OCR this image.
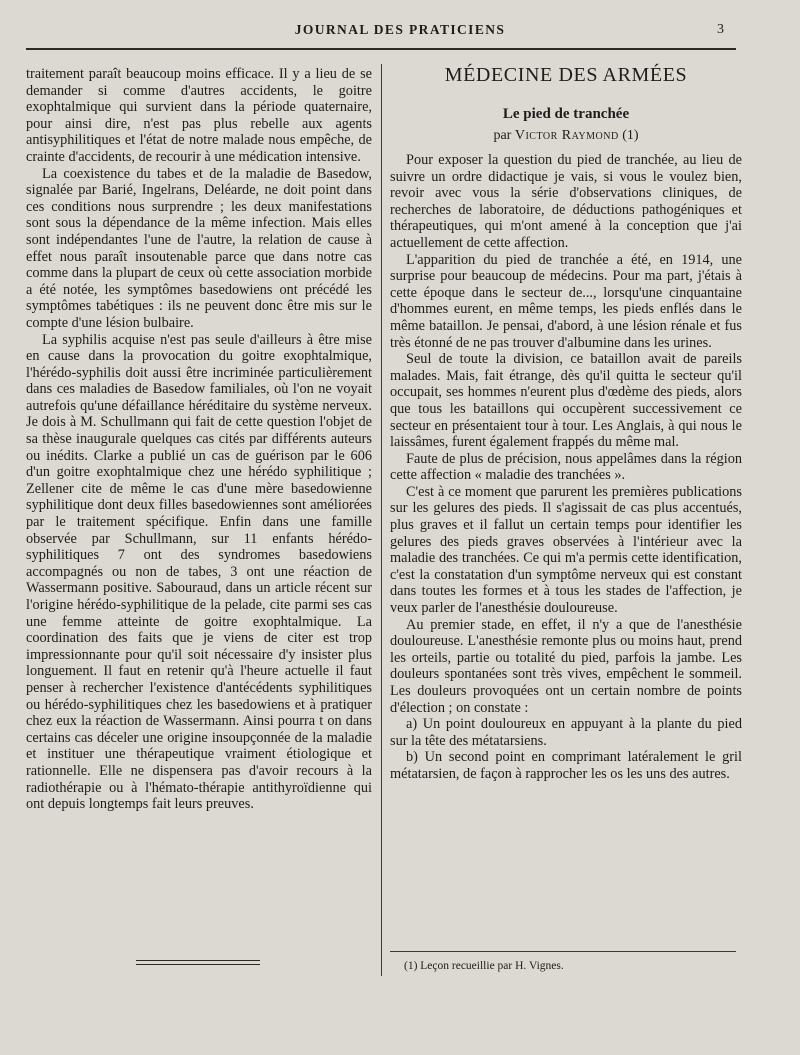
JOURNAL DES PRATICIENS	3

traitement paraît beaucoup moins efficace. Il y a lieu de se demander si comme d'autres accidents, le goitre exophtalmique qui survient dans la période quaternaire, pour ainsi dire, n'est pas plus rebelle aux agents antisyphilitiques et l'état de notre malade nous empêche, de crainte d'accidents, de recourir à une médication intensive.

La coexistence du tabes et de la maladie de Basedow, signalée par Barié, Ingelrans, Deléarde, ne doit point dans ces conditions nous surprendre ; les deux manifestations sont sous la dépendance de la même infection. Mais elles sont indépendantes l'une de l'autre, la relation de cause à effet nous paraît insoutenable parce que dans notre cas comme dans la plupart de ceux où cette association morbide a été notée, les symptômes basedowiens ont précédé les symptômes tabétiques : ils ne peuvent donc être mis sur le compte d'une lésion bulbaire.

La syphilis acquise n'est pas seule d'ailleurs à être mise en cause dans la provocation du goitre exophtalmique, l'hérédo-syphilis doit aussi être incriminée particulièrement dans ces maladies de Basedow familiales, où l'on ne voyait autrefois qu'une défaillance héréditaire du système nerveux. Je dois à M. Schullmann qui fait de cette question l'objet de sa thèse inaugurale quelques cas cités par différents auteurs ou inédits. Clarke a publié un cas de guérison par le 606 d'un goitre exophtalmique chez une hérédo syphilitique ; Zellener cite de même le cas d'une mère basedowienne syphilitique dont deux filles basedowiennes sont améliorées par le traitement spécifique. Enfin dans une famille observée par Schullmann, sur 11 enfants hérédo-syphilitiques 7 ont des syndromes basedowiens accompagnés ou non de tabes, 3 ont une réaction de Wassermann positive. Sabouraud, dans un article récent sur l'origine hérédo-syphilitique de la pelade, cite parmi ses cas une femme atteinte de goitre exophtalmique. La coordination des faits que je viens de citer est trop impressionnante pour qu'il soit nécessaire d'y insister plus longuement. Il faut en retenir qu'à l'heure actuelle il faut penser à rechercher l'existence d'antécédents syphilitiques ou hérédo-syphilitiques chez les basedowiens et à pratiquer chez eux la réaction de Wassermann. Ainsi pourra t on dans certains cas déceler une origine insoupçonnée de la maladie et instituer une thérapeutique vraiment étiologique et rationnelle. Elle ne dispensera pas d'avoir recours à la radiothérapie ou à l'hémato-thérapie antithyroïdienne qui ont depuis longtemps fait leurs preuves.

MÉDECINE DES ARMÉES
Le pied de tranchée
par Victor Raymond (1)

Pour exposer la question du pied de tranchée, au lieu de suivre un ordre didactique je vais, si vous le voulez bien, revoir avec vous la série d'observations cliniques, de recherches de laboratoire, de déductions pathogéniques et thérapeutiques, qui m'ont amené à la conception que j'ai actuellement de cette affection.

L'apparition du pied de tranchée a été, en 1914, une surprise pour beaucoup de médecins. Pour ma part, j'étais à cette époque dans le secteur de..., lorsqu'une cinquantaine d'hommes eurent, en même temps, les pieds enflés dans le même bataillon. Je pensai, d'abord, à une lésion rénale et fus très étonné de ne pas trouver d'albumine dans les urines.

Seul de toute la division, ce bataillon avait de pareils malades. Mais, fait étrange, dès qu'il quitta le secteur qu'il occupait, ses hommes n'eurent plus d'œdème des pieds, alors que tous les bataillons qui occupèrent successivement ce secteur en présentaient tour à tour. Les Anglais, à qui nous le laissâmes, furent également frappés du même mal.

Faute de plus de précision, nous appelâmes dans la région cette affection « maladie des tranchées ».

C'est à ce moment que parurent les premières publications sur les gelures des pieds. Il s'agissait de cas plus accentués, plus graves et il fallut un certain temps pour identifier les gelures des pieds graves observées à l'intérieur avec la maladie des tranchées. Ce qui m'a permis cette identification, c'est la constatation d'un symptôme nerveux qui est constant dans toutes les formes et à tous les stades de l'affection, je veux parler de l'anesthésie douloureuse.

Au premier stade, en effet, il n'y a que de l'anesthésie douloureuse. L'anesthésie remonte plus ou moins haut, prend les orteils, partie ou totalité du pied, parfois la jambe. Les douleurs spontanées sont très vives, empêchent le sommeil. Les douleurs provoquées ont un certain nombre de points d'élection ; on constate :

a) Un point douloureux en appuyant à la plante du pied sur la tête des métatarsiens.

b) Un second point en comprimant latéralement le gril métatarsien, de façon à rapprocher les os les uns des autres.

(1) Leçon recueillie par H. Vignes.
